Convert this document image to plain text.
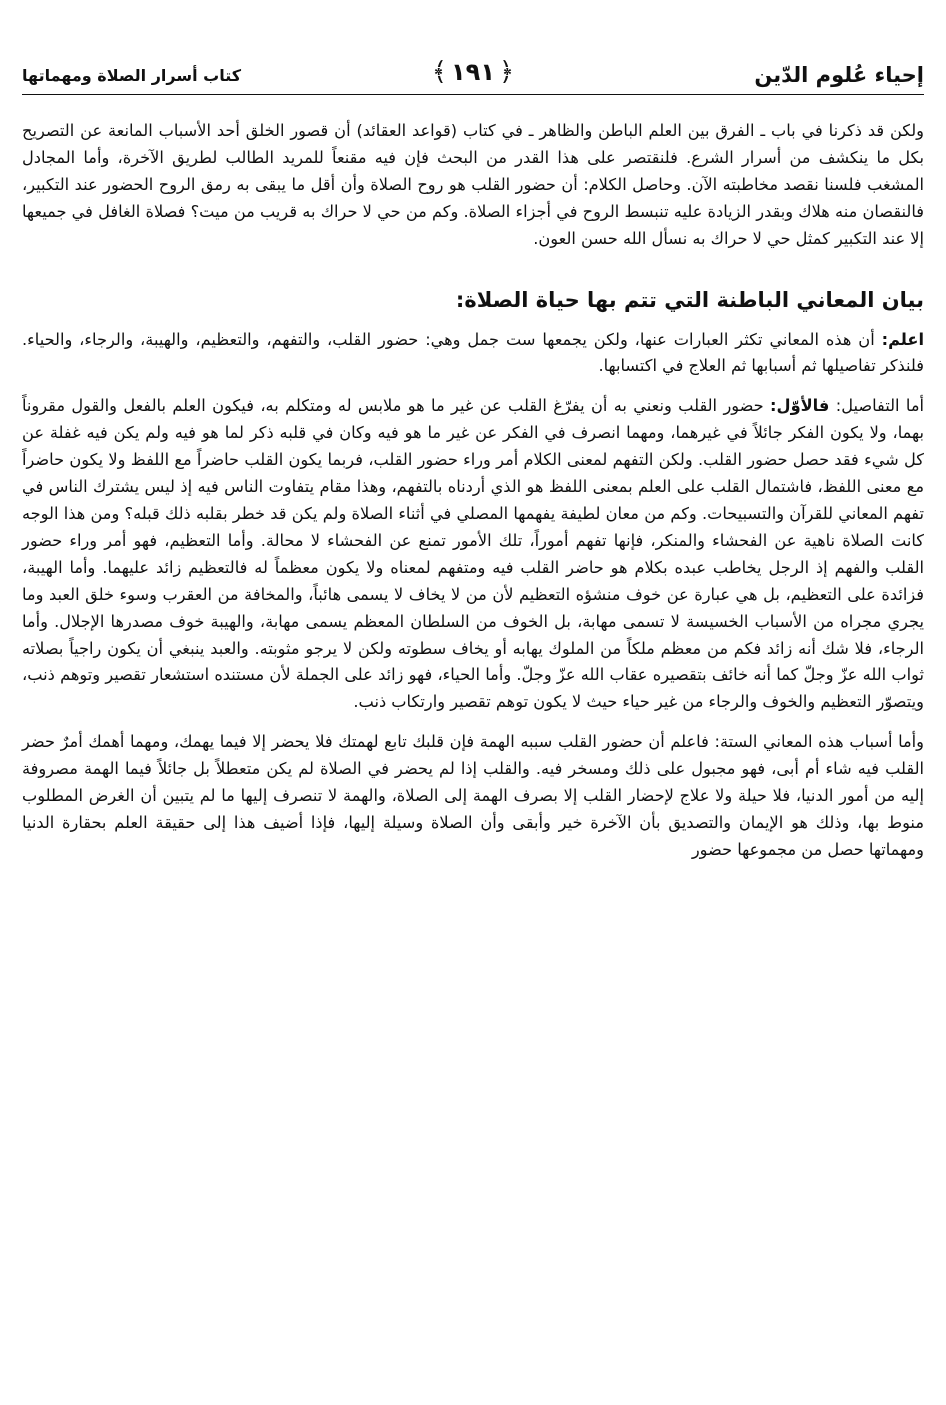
إحياء عُلوم الدّين
﴿
١٩١
﴾
كتاب أسرار الصلاة ومهماتها

ولكن قد ذكرنا في باب ـ الفرق بين العلم الباطن والظاهر ـ في كتاب (قواعد العقائد) أن قصور الخلق أحد الأسباب المانعة عن التصريح بكل ما ينكشف من أسرار الشرع. فلنقتصر على هذا القدر من البحث فإن فيه مقنعاً للمريد الطالب لطريق الآخرة، وأما المجادل المشغب فلسنا نقصد مخاطبته الآن. وحاصل الكلام: أن حضور القلب هو روح الصلاة وأن أقل ما يبقى به رمق الروح الحضور عند التكبير، فالنقصان منه هلاك وبقدر الزيادة عليه تنبسط الروح في أجزاء الصلاة. وكم من حي لا حراك به قريب من ميت؟ فصلاة الغافل في جميعها إلا عند التكبير كمثل حي لا حراك به نسأل الله حسن العون.

بيان المعاني الباطنة التي تتم بها حياة الصلاة:

اعلم: أن هذه المعاني تكثر العبارات عنها، ولكن يجمعها ست جمل وهي: حضور القلب، والتفهم، والتعظيم، والهيبة، والرجاء، والحياء. فلنذكر تفاصيلها ثم أسبابها ثم العلاج في اكتسابها.

أما التفاصيل: فالأوّل: حضور القلب ونعني به أن يفرّغ القلب عن غير ما هو ملابس له ومتكلم به، فيكون العلم بالفعل والقول مقروناً بهما، ولا يكون الفكر جائلاً في غيرهما، ومهما انصرف في الفكر عن غير ما هو فيه وكان في قلبه ذكر لما هو فيه ولم يكن فيه غفلة عن كل شيء فقد حصل حضور القلب. ولكن التفهم لمعنى الكلام أمر وراء حضور القلب، فربما يكون القلب حاضراً مع اللفظ ولا يكون حاضراً مع معنى اللفظ، فاشتمال القلب على العلم بمعنى اللفظ هو الذي أردناه بالتفهم، وهذا مقام يتفاوت الناس فيه إذ ليس يشترك الناس في تفهم المعاني للقرآن والتسبيحات. وكم من معان لطيفة يفهمها المصلي في أثناء الصلاة ولم يكن قد خطر بقلبه ذلك قبله؟ ومن هذا الوجه كانت الصلاة ناهية عن الفحشاء والمنكر، فإنها تفهم أموراً، تلك الأمور تمنع عن الفحشاء لا محالة. وأما التعظيم، فهو أمر وراء حضور القلب والفهم إذ الرجل يخاطب عبده بكلام هو حاضر القلب فيه ومتفهم لمعناه ولا يكون معظماً له فالتعظيم زائد عليهما. وأما الهيبة، فزائدة على التعظيم، بل هي عبارة عن خوف منشؤه التعظيم لأن من لا يخاف لا يسمى هائباً، والمخافة من العقرب وسوء خلق العبد وما يجري مجراه من الأسباب الخسيسة لا تسمى مهابة، بل الخوف من السلطان المعظم يسمى مهابة، والهيبة خوف مصدرها الإجلال. وأما الرجاء، فلا شك أنه زائد فكم من معظم ملكاً من الملوك يهابه أو يخاف سطوته ولكن لا يرجو مثوبته. والعبد ينبغي أن يكون راجياً بصلاته ثواب الله عزّ وجلّ كما أنه خائف بتقصيره عقاب الله عزّ وجلّ. وأما الحياء، فهو زائد على الجملة لأن مستنده استشعار تقصير وتوهم ذنب، ويتصوّر التعظيم والخوف والرجاء من غير حياء حيث لا يكون توهم تقصير وارتكاب ذنب.

وأما أسباب هذه المعاني الستة: فاعلم أن حضور القلب سببه الهمة فإن قلبك تابع لهمتك فلا يحضر إلا فيما يهمك، ومهما أهمك أمرٌ حضر القلب فيه شاء أم أبى، فهو مجبول على ذلك ومسخر فيه. والقلب إذا لم يحضر في الصلاة لم يكن متعطلاً بل جائلاً فيما الهمة مصروفة إليه من أمور الدنيا، فلا حيلة ولا علاج لإحضار القلب إلا بصرف الهمة إلى الصلاة، والهمة لا تنصرف إليها ما لم يتبين أن الغرض المطلوب منوط بها، وذلك هو الإيمان والتصديق بأن الآخرة خير وأبقى وأن الصلاة وسيلة إليها، فإذا أضيف هذا إلى حقيقة العلم بحقارة الدنيا ومهماتها حصل من مجموعها حضور
